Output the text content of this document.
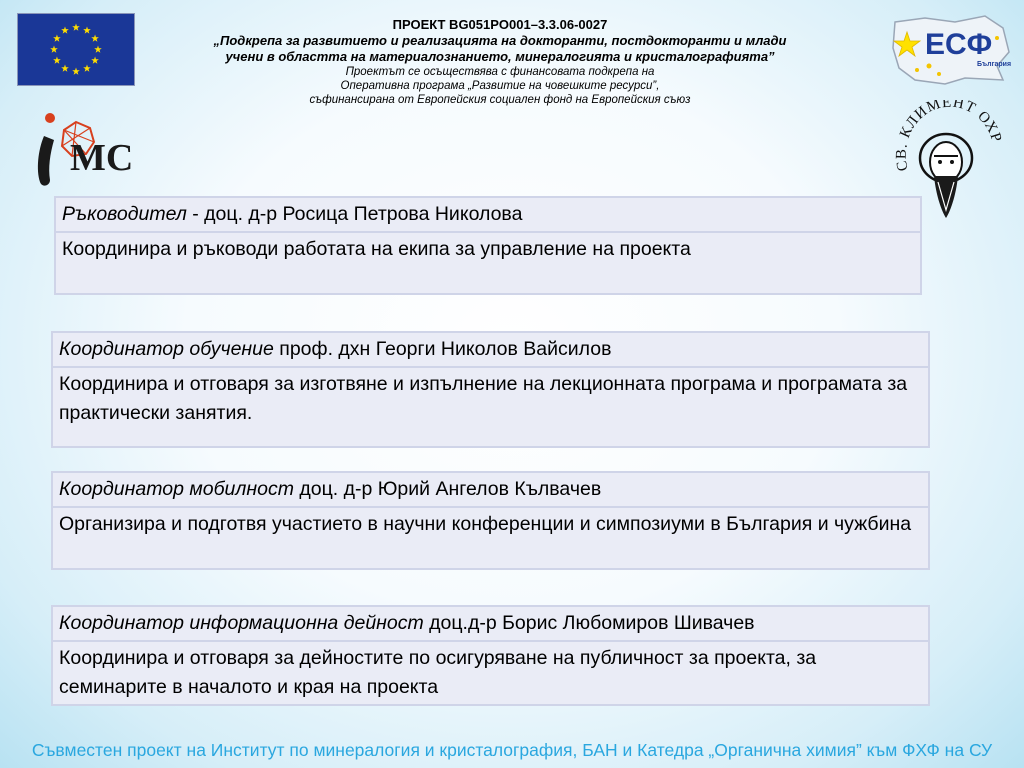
ПРОЕКТ BG051PO001–3.3.06-0027
„Подкрепа за развитието и реализацията на докторанти, постдокторанти и млади
учени в областта на материалознанието, минералогията и кристалографията”
Проектът се осъществява с финансовата подкрепа на
Оперативна програма „Развитие на човешките ресурси”,
съфинансирана от Европейския социален фонд на Европейския съюз
ЕСФ
България
MC	СВ. КЛИМЕНТ ОХР
Ръководител - доц. д-р Росица Петрова Николова
Координира и ръководи работата на екипа за управление на проекта
Координатор обучение проф. дхн Георги Николов Вайсилов
Координира и отговаря за изготвяне и изпълнение на лекционната програма и програмата за практически занятия.
Координатор мобилност доц. д-р Юрий Ангелов Кълвачев
Организира и подготвя участието в научни конференции и симпозиуми в България и чужбина
Координатор информационна дейност доц.д-р Борис Любомиров Шивачев
Координира и отговаря за дейностите по осигуряване на публичност за проекта, за семинарите в началото и края на проекта
Съвместен проект на Институт по минералогия и кристалография, БАН и Катедра „Органична химия” към ФХФ на СУ
